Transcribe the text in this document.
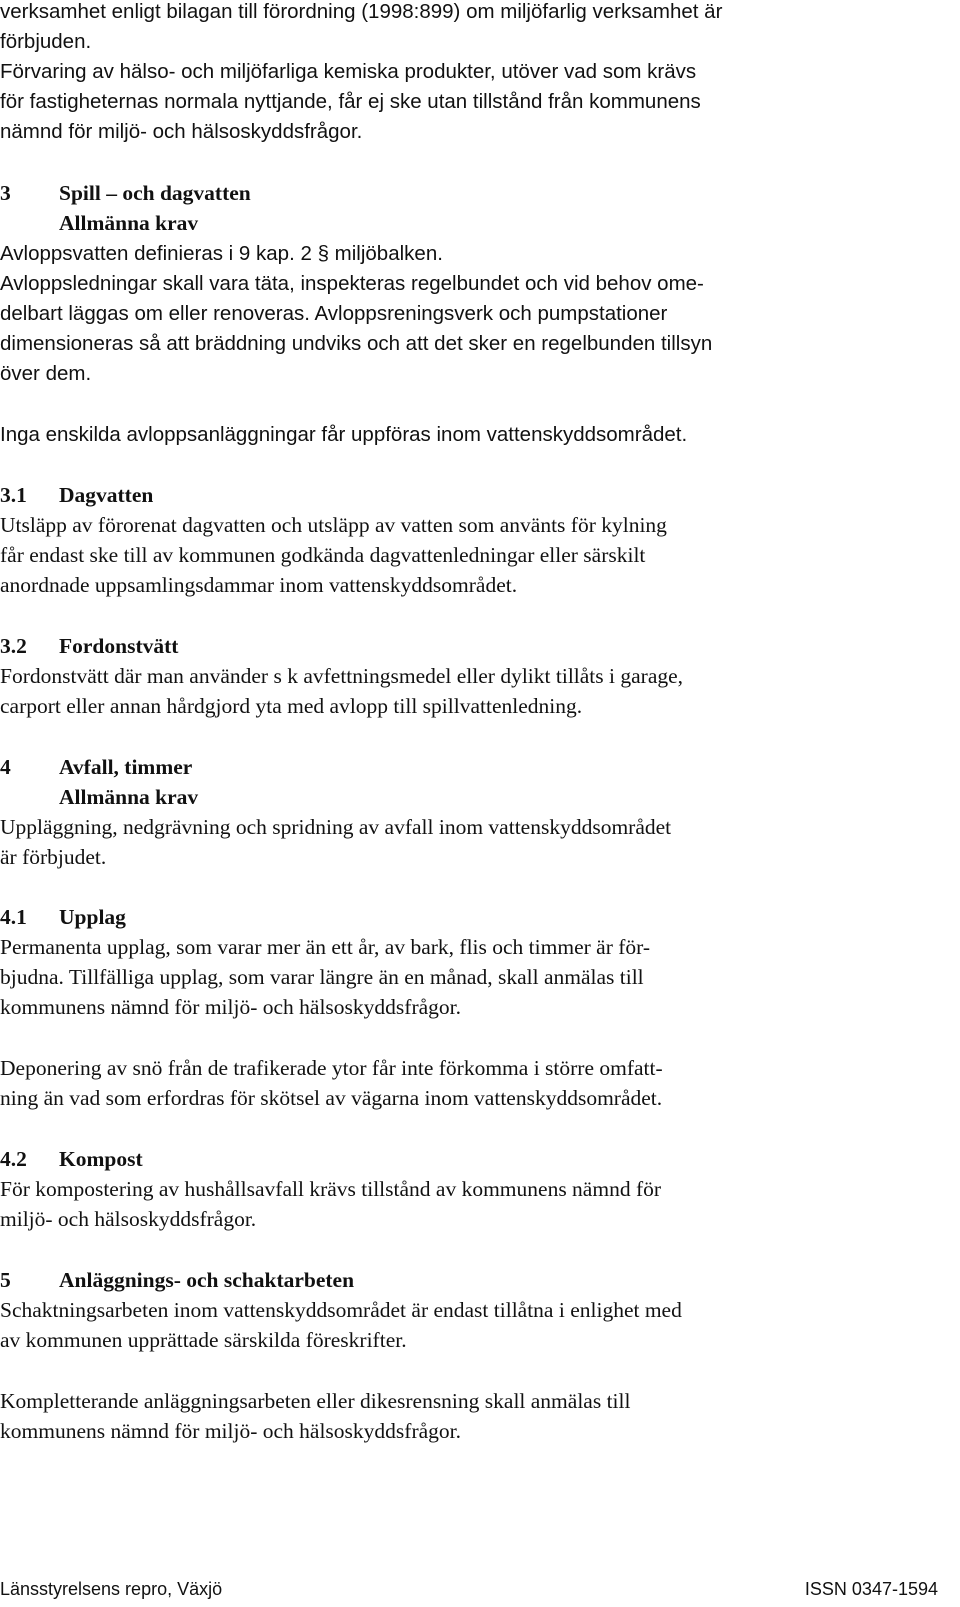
verksamhet enligt bilagan till förordning (1998:899) om miljöfarlig verksamhet är
förbjuden.
Förvaring av hälso- och miljöfarliga kemiska produkter, utöver vad som krävs
för fastigheternas normala nyttjande, får ej ske utan tillstånd från kommunens
nämnd för miljö- och hälsoskyddsfrågor.
3 Spill – och dagvatten
Allmänna krav
Avloppsvatten definieras i 9 kap. 2 § miljöbalken.
Avloppsledningar skall vara täta, inspekteras regelbundet och vid behov ome-
delbart läggas om eller renoveras. Avloppsreningsverk och pumpstationer
dimensioneras så att bräddning undviks och att det sker en regelbunden tillsyn
över dem.
Inga enskilda avloppsanläggningar får uppföras inom vattenskyddsområdet.
3.1 Dagvatten
Utsläpp av förorenat dagvatten och utsläpp av vatten som använts för kylning
får endast ske till av kommunen godkända dagvattenledningar eller särskilt
anordnade uppsamlingsdammar inom vattenskyddsområdet.
3.2 Fordonstvätt
Fordonstvätt där man använder s k avfettningsmedel eller dylikt tillåts i garage,
carport eller annan hårdgjord yta med avlopp till spillvattenledning.
4 Avfall, timmer
Allmänna krav
Uppläggning, nedgrävning och spridning av avfall inom vattenskyddsområdet
är förbjudet.
4.1 Upplag
Permanenta upplag, som varar mer än ett år, av bark, flis och timmer är för-
bjudna. Tillfälliga upplag, som varar längre än en månad, skall anmälas till
kommunens nämnd för miljö- och hälsoskyddsfrågor.
Deponering av snö från de trafikerade ytor får inte förkomma i större omfatt-
ning än vad som erfordras för skötsel av vägarna inom vattenskyddsområdet.
4.2 Kompost
För kompostering av hushållsavfall krävs tillstånd av kommunens nämnd för
miljö- och hälsoskyddsfrågor.
5 Anläggnings- och schaktarbeten
Schaktningsarbeten inom vattenskyddsområdet är endast tillåtna i enlighet med
av kommunen upprättade särskilda föreskrifter.
Kompletterande anläggningsarbeten eller dikesrensning skall anmälas till
kommunens nämnd för miljö- och hälsoskyddsfrågor.
Länsstyrelsens repro, Växjö	ISSN 0347-1594
